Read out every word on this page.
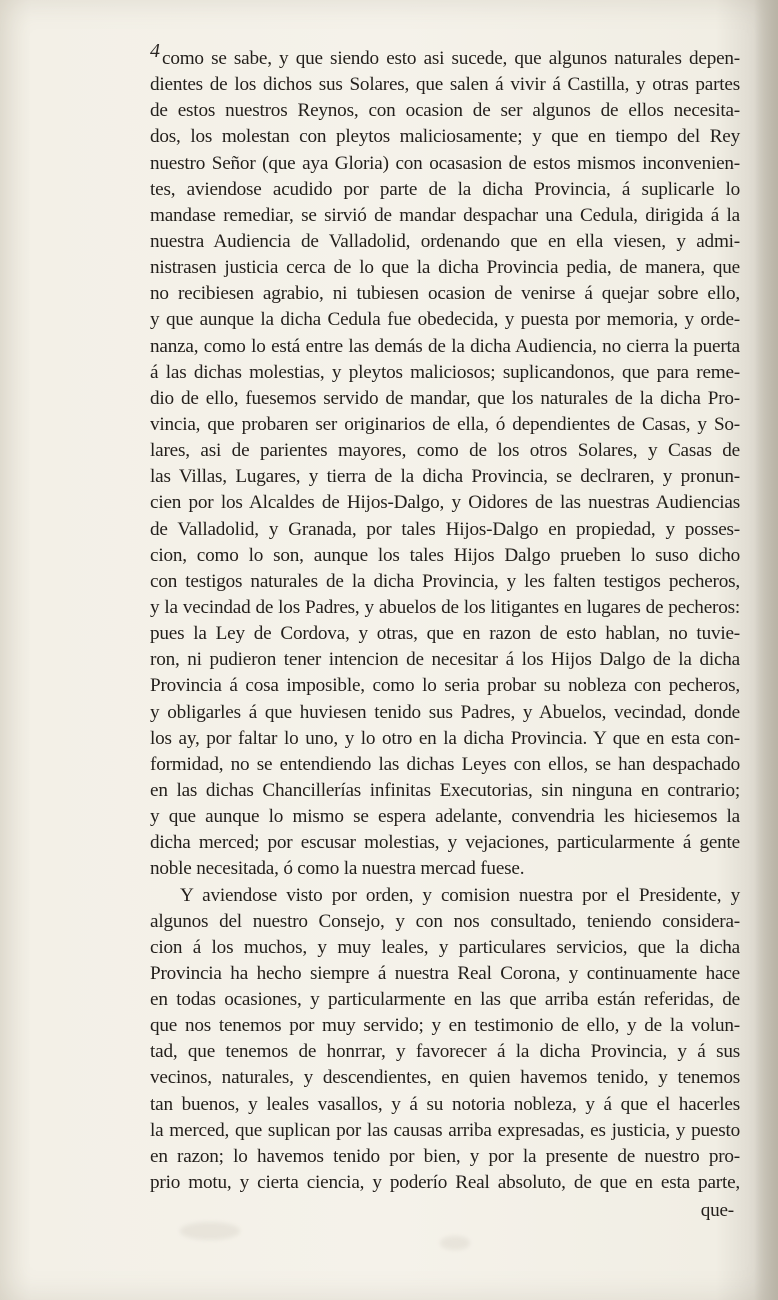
4 como se sabe, y que siendo esto asi sucede, que algunos naturales depen-
dientes de los dichos sus Solares, que salen á vivir á Castilla, y otras partes
de estos nuestros Reynos, con ocasion de ser algunos de ellos necesita-
dos, los molestan con pleytos maliciosamente; y que en tiempo del Rey
nuestro Señor (que aya Gloria) con ocasasion de estos mismos inconvenien-
tes, aviendose acudido por parte de la dicha Provincia, á suplicarle lo
mandase remediar, se sirvió de mandar despachar una Cedula, dirigida á la
nuestra Audiencia de Valladolid, ordenando que en ella viesen, y admi-
nistrasen justicia cerca de lo que la dicha Provincia pedia, de manera, que
no recibiesen agrabio, ni tubiesen ocasion de venirse á quejar sobre ello,
y que aunque la dicha Cedula fue obedecida, y puesta por memoria, y orde-
nanza, como lo está entre las demás de la dicha Audiencia, no cierra la puerta
á las dichas molestias, y pleytos maliciosos; suplicandonos, que para reme-
dio de ello, fuesemos servido de mandar, que los naturales de la dicha Pro-
vincia, que probaren ser originarios de ella, ó dependientes de Casas, y So-
lares, asi de parientes mayores, como de los otros Solares, y Casas de
las Villas, Lugares, y tierra de la dicha Provincia, se declraren, y pronun-
cien por los Alcaldes de Hijos-Dalgo, y Oidores de las nuestras Audiencias
de Valladolid, y Granada, por tales Hijos-Dalgo en propiedad, y posses-
cion, como lo son, aunque los tales Hijos Dalgo prueben lo suso dicho
con testigos naturales de la dicha Provincia, y les falten testigos pecheros,
y la vecindad de los Padres, y abuelos de los litigantes en lugares de pecheros:
pues la Ley de Cordova, y otras, que en razon de esto hablan, no tuvie-
ron, ni pudieron tener intencion de necesitar á los Hijos Dalgo de la dicha
Provincia á cosa imposible, como lo seria probar su nobleza con pecheros,
y obligarles á que huviesen tenido sus Padres, y Abuelos, vecindad, donde
los ay, por faltar lo uno, y lo otro en la dicha Provincia. Y que en esta con-
formidad, no se entendiendo las dichas Leyes con ellos, se han despachado
en las dichas Chancillerías infinitas Executorias, sin ninguna en contrario;
y que aunque lo mismo se espera adelante, convendria les hiciesemos la
dicha merced; por escusar molestias, y vejaciones, particularmente á gente
noble necesitada, ó como la nuestra mercad fuese.
Y aviendose visto por orden, y comision nuestra por el Presidente, y
algunos del nuestro Consejo, y con nos consultado, teniendo considera-
cion á los muchos, y muy leales, y particulares servicios, que la dicha
Provincia ha hecho siempre á nuestra Real Corona, y continuamente hace
en todas ocasiones, y particularmente en las que arriba están referidas, de
que nos tenemos por muy servido; y en testimonio de ello, y de la volun-
tad, que tenemos de honrrar, y favorecer á la dicha Provincia, y á sus
vecinos, naturales, y descendientes, en quien havemos tenido, y tenemos
tan buenos, y leales vasallos, y á su notoria nobleza, y á que el hacerles
la merced, que suplican por las causas arriba expresadas, es justicia, y puesto
en razon; lo havemos tenido por bien, y por la presente de nuestro pro-
prio motu, y cierta ciencia, y poderío Real absoluto, de que en esta parte,
que-
